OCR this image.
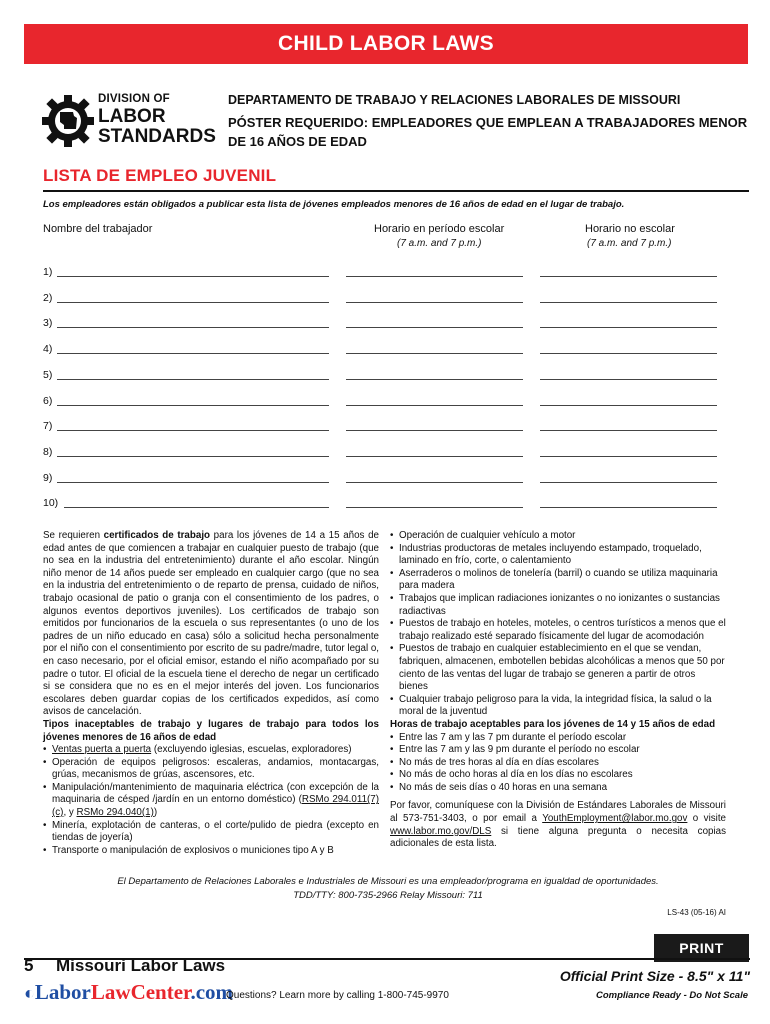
CHILD LABOR LAWS
DIVISION OF
LABOR
STANDARDS
DEPARTAMENTO DE TRABAJO Y RELACIONES LABORALES DE MISSOURI
PÓSTER REQUERIDO: EMPLEADORES QUE EMPLEAN A TRABAJADORES MENOR
DE 16 AÑOS DE EDAD
LISTA DE EMPLEO JUVENIL
Los empleadores están obligados a publicar esta lista de jóvenes empleados menores de 16 años de edad en el lugar de trabajo.
Nombre del trabajador	Horario en período escolar
(7 a.m. and 7 p.m.)
Horario no escolar
(7 a.m. and 7 p.m.)
1)
2)
3)
4)
5)
6)
7)
8)
9)
10)

Se requieren certificados de trabajo para los jóvenes de 14 a 15 años de edad antes de que comiencen a trabajar en cualquier puesto de trabajo (que no sea en la industria del entretenimiento) durante el año escolar. Ningún niño menor de 14 años puede ser empleado en cualquier cargo (que no sea en la industria del entretenimiento o de reparto de prensa, cuidado de niños, trabajo ocasional de patio o granja con el consentimiento de los padres, o algunos eventos deportivos juveniles). Los certificados de trabajo son emitidos por funcionarios de la escuela o sus representantes (o uno de los padres de un niño educado en casa) sólo a solicitud hecha personalmente por el niño con el consentimiento por escrito de su padre/madre, tutor legal o, en caso necesario, por el oficial emisor, estando el niño acompañado por su padre o tutor. El oficial de la escuela tiene el derecho de negar un certificado si se considera que no es en el mejor interés del joven. Los funcionarios escolares deben guardar copias de los certificados expedidos, así como avisos de cancelación.

Tipos inaceptables de trabajo y lugares de trabajo para todos los jóvenes menores de 16 años de edad

• Ventas puerta a puerta (excluyendo iglesias, escuelas, exploradores)
• Operación de equipos peligrosos: escaleras, andamios, montacargas, grúas, mecanismos de grúas, ascensores, etc.
• Manipulación/mantenimiento de maquinaria eléctrica (con excepción de la maquinaria de césped /jardín en un entorno doméstico) (RSMo 294.011(7)(c), y RSMo 294.040(1))
• Minería, explotación de canteras, o el corte/pulido de piedra (excepto en tiendas de joyería)
• Transporte o manipulación de explosivos o municiones tipo A y B
• Operación de cualquier vehículo a motor
• Industrias productoras de metales incluyendo estampado, troquelado, laminado en frío, corte, o calentamiento
• Aserraderos o molinos de tonelería (barril) o cuando se utiliza maquinaria para madera
• Trabajos que implican radiaciones ionizantes o no ionizantes o sustancias radiactivas
• Puestos de trabajo en hoteles, moteles, o centros turísticos a menos que el trabajo realizado esté separado físicamente del lugar de acomodación
• Puestos de trabajo en cualquier establecimiento en el que se vendan, fabriquen, almacenen, embotellen bebidas alcohólicas a menos que 50 por ciento de las ventas del lugar de trabajo se generen a partir de otros bienes
• Cualquier trabajo peligroso para la vida, la integridad física, la salud o la moral de la juventud

Horas de trabajo aceptables para los jóvenes de 14 y 15 años de edad

• Entre las 7 am y las 7 pm durante el período escolar
• Entre las 7 am y las 9 pm durante el período no escolar
• No más de tres horas al día en días escolares
• No más de ocho horas al día en los días no escolares
• No más de seis días o 40 horas en una semana

Por favor, comuníquese con la División de Estándares Laborales de Missouri al 573-751-3403, o por email a YouthEmployment@labor.mo.gov o visite www.labor.mo.gov/DLS si tiene alguna pregunta o necesita copias adicionales de esta lista.

El Departamento de Relaciones Laborales e Industriales de Missouri es una empleador/programa en igualdad de oportunidades.
TDD/TTY: 800-735-2966 Relay Missouri: 711
LS-43 (05-16) AI
PRINT
5 Missouri Labor Laws
◐LaborLawCenter.com
Questions? Learn more by calling 1-800-745-9970
Official Print Size - 8.5" x 11"
Compliance Ready - Do Not Scale
